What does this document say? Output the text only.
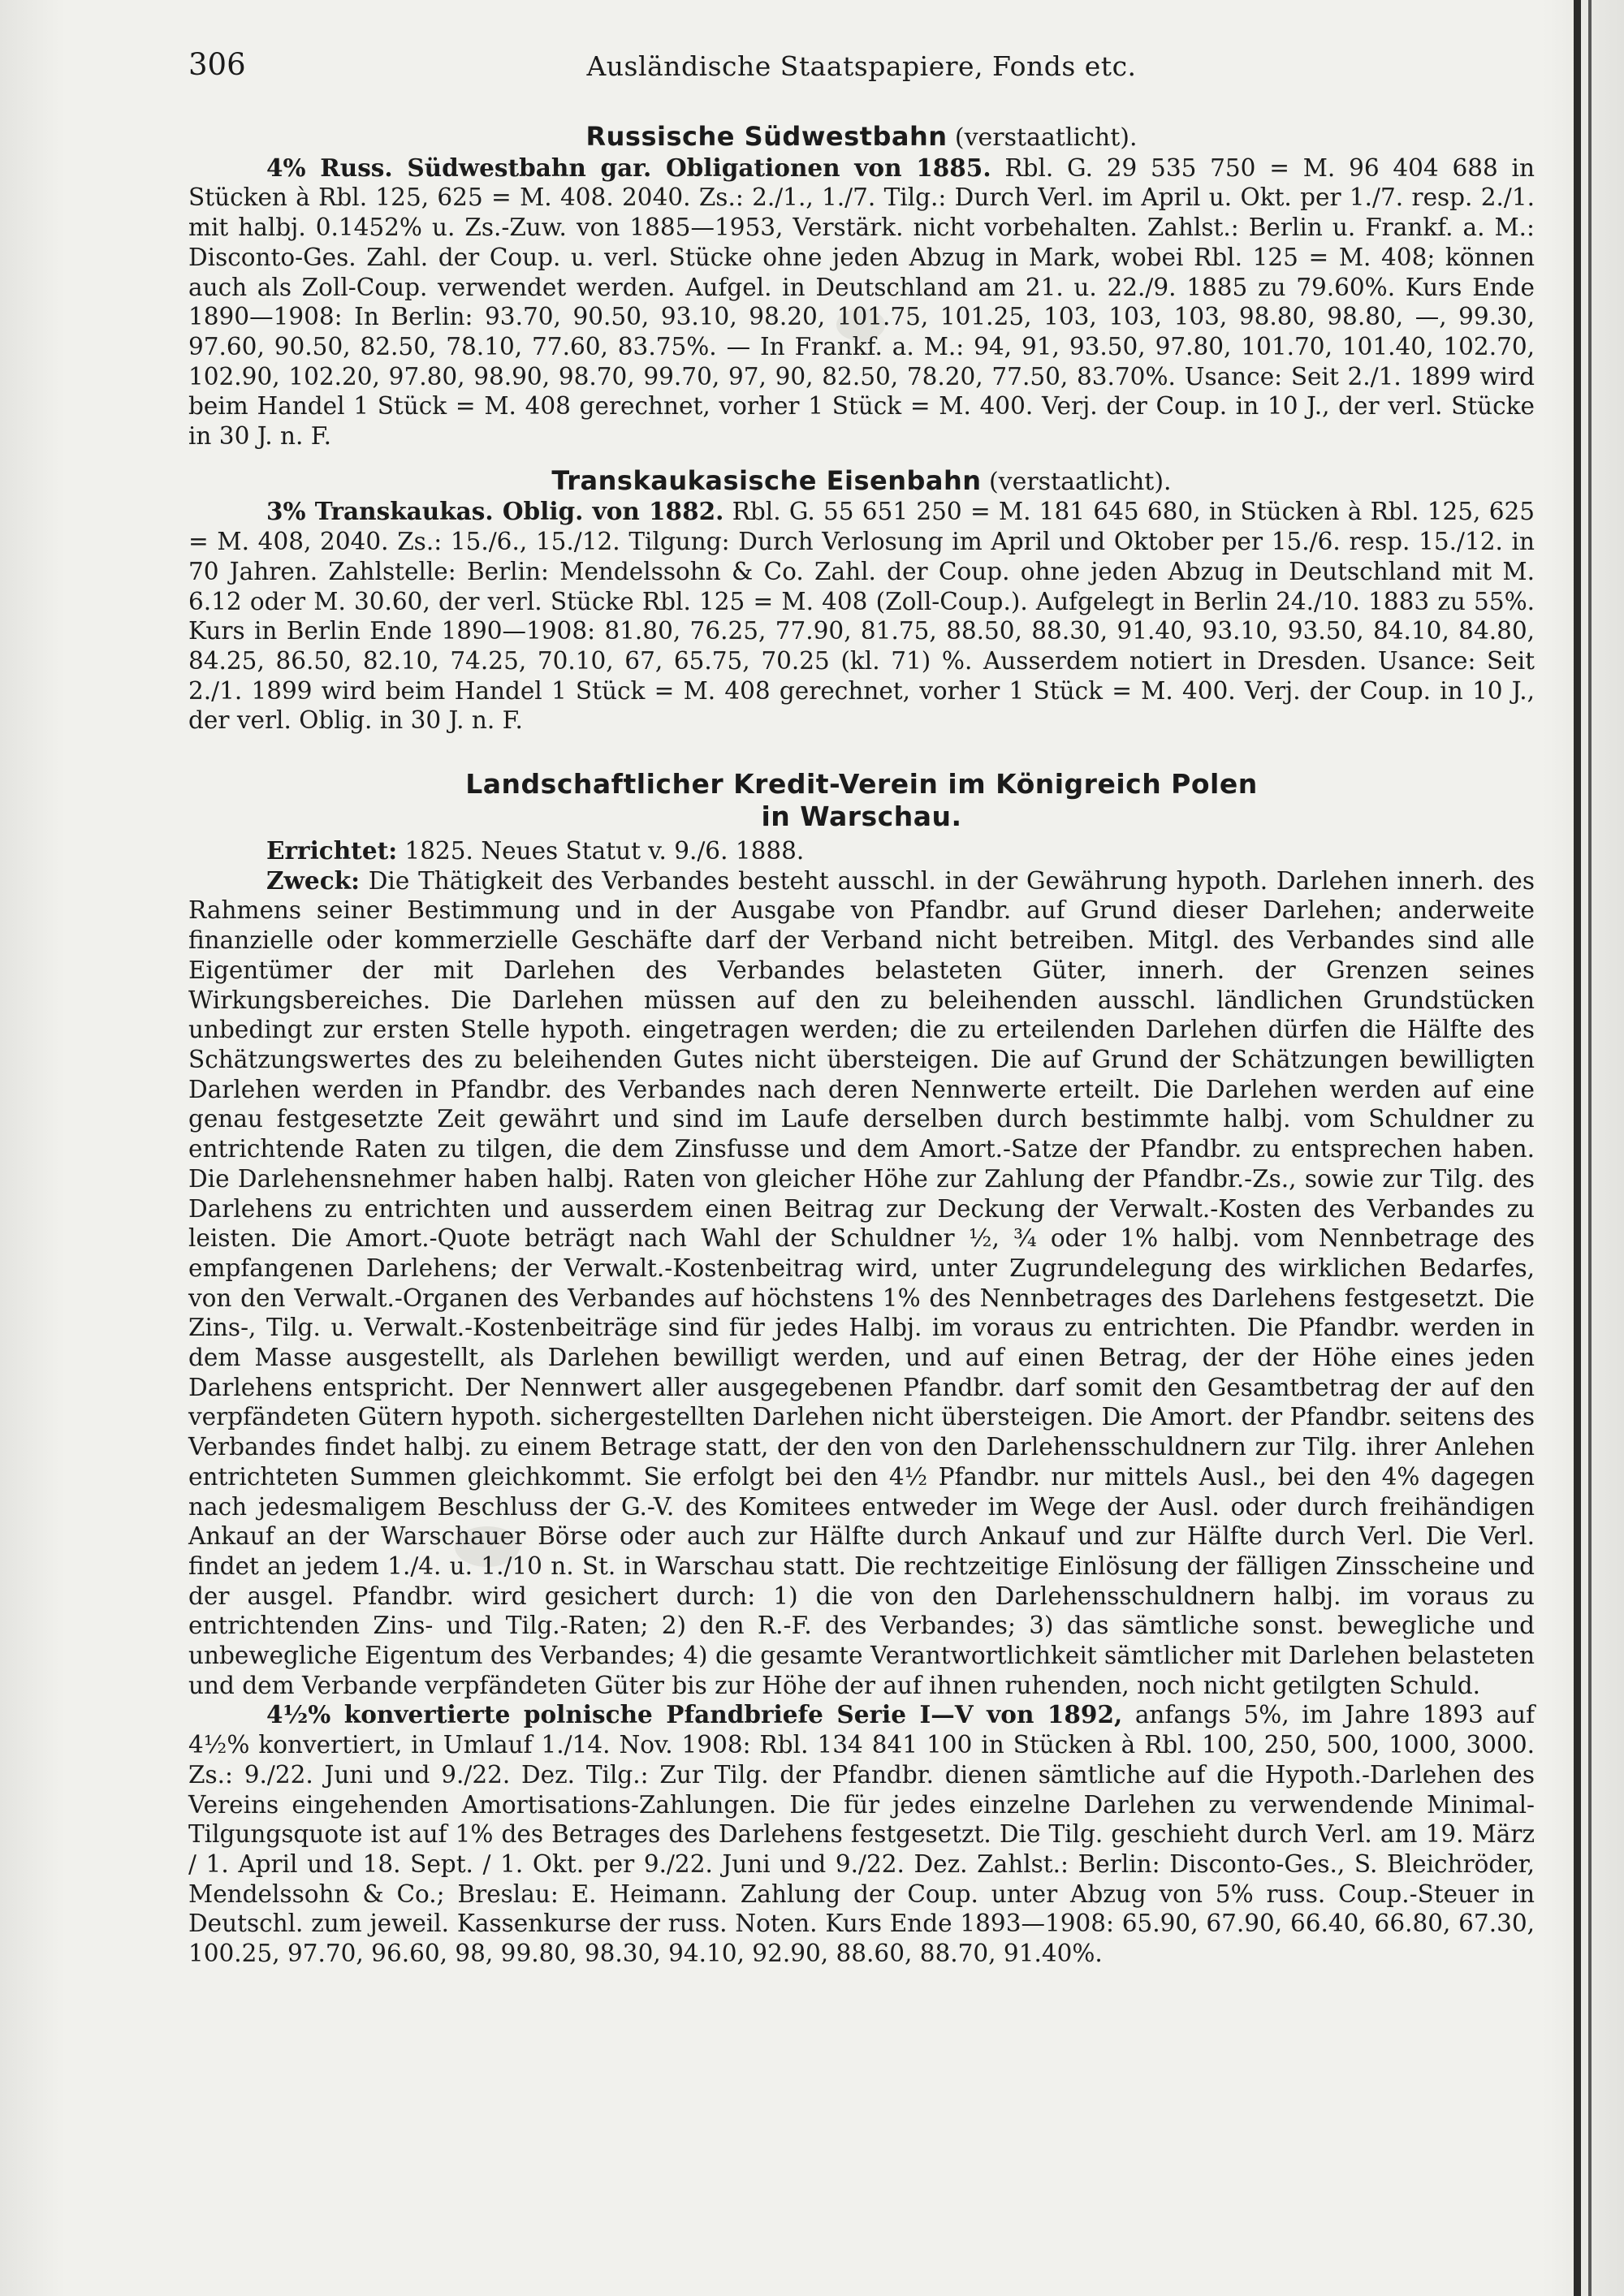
306	Ausländische Staatspapiere, Fonds etc.

Russische Südwestbahn (verstaatlicht).

4% Russ. Südwestbahn gar. Obligationen von 1885. Rbl. G. 29 535 750 = M. 96 404 688 in Stücken à Rbl. 125, 625 = M. 408. 2040. Zs.: 2./1., 1./7. Tilg.: Durch Verl. im April u. Okt. per 1./7. resp. 2./1. mit halbj. 0.1452% u. Zs.-Zuw. von 1885—1953, Verstärk. nicht vorbehalten. Zahlst.: Berlin u. Frankf. a. M.: Disconto-Ges. Zahl. der Coup. u. verl. Stücke ohne jeden Abzug in Mark, wobei Rbl. 125 = M. 408; können auch als Zoll-Coup. verwendet werden. Aufgel. in Deutschland am 21. u. 22./9. 1885 zu 79.60%. Kurs Ende 1890—1908: In Berlin: 93.70, 90.50, 93.10, 98.20, 101.75, 101.25, 103, 103, 103, 98.80, 98.80, —, 99.30, 97.60, 90.50, 82.50, 78.10, 77.60, 83.75%. — In Frankf. a. M.: 94, 91, 93.50, 97.80, 101.70, 101.40, 102.70, 102.90, 102.20, 97.80, 98.90, 98.70, 99.70, 97, 90, 82.50, 78.20, 77.50, 83.70%. Usance: Seit 2./1. 1899 wird beim Handel 1 Stück = M. 408 gerechnet, vorher 1 Stück = M. 400. Verj. der Coup. in 10 J., der verl. Stücke in 30 J. n. F.

Transkaukasische Eisenbahn (verstaatlicht).

3% Transkaukas. Oblig. von 1882. Rbl. G. 55 651 250 = M. 181 645 680, in Stücken à Rbl. 125, 625 = M. 408, 2040. Zs.: 15./6., 15./12. Tilgung: Durch Verlosung im April und Oktober per 15./6. resp. 15./12. in 70 Jahren. Zahlstelle: Berlin: Mendelssohn & Co. Zahl. der Coup. ohne jeden Abzug in Deutschland mit M. 6.12 oder M. 30.60, der verl. Stücke Rbl. 125 = M. 408 (Zoll-Coup.). Aufgelegt in Berlin 24./10. 1883 zu 55%. Kurs in Berlin Ende 1890—1908: 81.80, 76.25, 77.90, 81.75, 88.50, 88.30, 91.40, 93.10, 93.50, 84.10, 84.80, 84.25, 86.50, 82.10, 74.25, 70.10, 67, 65.75, 70.25 (kl. 71) %. Ausserdem notiert in Dresden. Usance: Seit 2./1. 1899 wird beim Handel 1 Stück = M. 408 gerechnet, vorher 1 Stück = M. 400. Verj. der Coup. in 10 J., der verl. Oblig. in 30 J. n. F.

Landschaftlicher Kredit-Verein im Königreich Polen

in Warschau.

Errichtet: 1825. Neues Statut v. 9./6. 1888.

Zweck: Die Thätigkeit des Verbandes besteht ausschl. in der Gewährung hypoth. Darlehen innerh. des Rahmens seiner Bestimmung und in der Ausgabe von Pfandbr. auf Grund dieser Darlehen; anderweite finanzielle oder kommerzielle Geschäfte darf der Verband nicht betreiben. Mitgl. des Verbandes sind alle Eigentümer der mit Darlehen des Verbandes belasteten Güter, innerh. der Grenzen seines Wirkungsbereiches. Die Darlehen müssen auf den zu beleihenden ausschl. ländlichen Grundstücken unbedingt zur ersten Stelle hypoth. eingetragen werden; die zu erteilenden Darlehen dürfen die Hälfte des Schätzungswertes des zu beleihenden Gutes nicht übersteigen. Die auf Grund der Schätzungen bewilligten Darlehen werden in Pfandbr. des Verbandes nach deren Nennwerte erteilt. Die Darlehen werden auf eine genau festgesetzte Zeit gewährt und sind im Laufe derselben durch bestimmte halbj. vom Schuldner zu entrichtende Raten zu tilgen, die dem Zinsfusse und dem Amort.-Satze der Pfandbr. zu entsprechen haben. Die Darlehensnehmer haben halbj. Raten von gleicher Höhe zur Zahlung der Pfandbr.-Zs., sowie zur Tilg. des Darlehens zu entrichten und ausserdem einen Beitrag zur Deckung der Verwalt.-Kosten des Verbandes zu leisten. Die Amort.-Quote beträgt nach Wahl der Schuldner ½, ¾ oder 1% halbj. vom Nennbetrage des empfangenen Darlehens; der Verwalt.-Kostenbeitrag wird, unter Zugrundelegung des wirklichen Bedarfes, von den Verwalt.-Organen des Verbandes auf höchstens 1% des Nennbetrages des Darlehens festgesetzt. Die Zins-, Tilg. u. Verwalt.-Kostenbeiträge sind für jedes Halbj. im voraus zu entrichten. Die Pfandbr. werden in dem Masse ausgestellt, als Darlehen bewilligt werden, und auf einen Betrag, der der Höhe eines jeden Darlehens entspricht. Der Nennwert aller ausgegebenen Pfandbr. darf somit den Gesamtbetrag der auf den verpfändeten Gütern hypoth. sichergestellten Darlehen nicht übersteigen. Die Amort. der Pfandbr. seitens des Verbandes findet halbj. zu einem Betrage statt, der den von den Darlehensschuldnern zur Tilg. ihrer Anlehen entrichteten Summen gleichkommt. Sie erfolgt bei den 4½ Pfandbr. nur mittels Ausl., bei den 4% dagegen nach jedesmaligem Beschluss der G.-V. des Komitees entweder im Wege der Ausl. oder durch freihändigen Ankauf an der Warschauer Börse oder auch zur Hälfte durch Ankauf und zur Hälfte durch Verl. Die Verl. findet an jedem 1./4. u. 1./10 n. St. in Warschau statt. Die rechtzeitige Einlösung der fälligen Zinsscheine und der ausgel. Pfandbr. wird gesichert durch: 1) die von den Darlehensschuldnern halbj. im voraus zu entrichtenden Zins- und Tilg.-Raten; 2) den R.-F. des Verbandes; 3) das sämtliche sonst. bewegliche und unbewegliche Eigentum des Verbandes; 4) die gesamte Verantwortlichkeit sämtlicher mit Darlehen belasteten und dem Verbande verpfändeten Güter bis zur Höhe der auf ihnen ruhenden, noch nicht getilgten Schuld.

4½% konvertierte polnische Pfandbriefe Serie I—V von 1892, anfangs 5%, im Jahre 1893 auf 4½% konvertiert, in Umlauf 1./14. Nov. 1908: Rbl. 134 841 100 in Stücken à Rbl. 100, 250, 500, 1000, 3000. Zs.: 9./22. Juni und 9./22. Dez. Tilg.: Zur Tilg. der Pfandbr. dienen sämtliche auf die Hypoth.-Darlehen des Vereins eingehenden Amortisations-Zahlungen. Die für jedes einzelne Darlehen zu verwendende Minimal-Tilgungsquote ist auf 1% des Betrages des Darlehens festgesetzt. Die Tilg. geschieht durch Verl. am 19. März / 1. April und 18. Sept. / 1. Okt. per 9./22. Juni und 9./22. Dez. Zahlst.: Berlin: Disconto-Ges., S. Bleichröder, Mendelssohn & Co.; Breslau: E. Heimann. Zahlung der Coup. unter Abzug von 5% russ. Coup.-Steuer in Deutschl. zum jeweil. Kassenkurse der russ. Noten. Kurs Ende 1893—1908: 65.90, 67.90, 66.40, 66.80, 67.30, 100.25, 97.70, 96.60, 98, 99.80, 98.30, 94.10, 92.90, 88.60, 88.70, 91.40%.
